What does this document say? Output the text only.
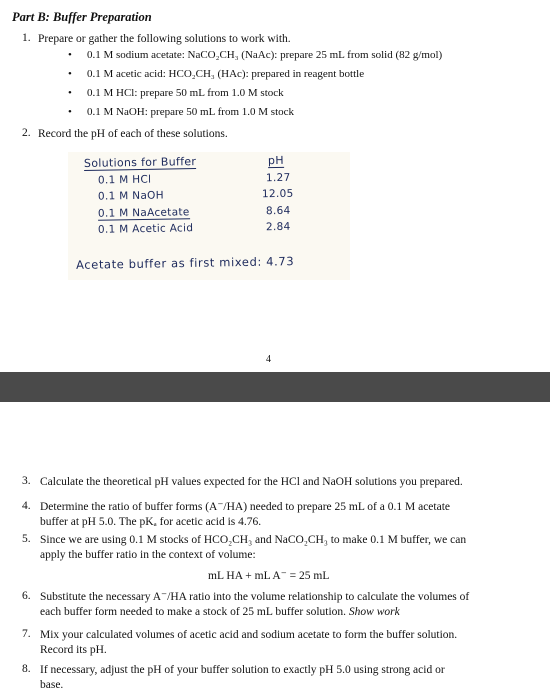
Part B: Buffer Preparation
1. Prepare or gather the following solutions to work with.
• 0.1 M sodium acetate: NaCO₂CH₃ (NaAc): prepare 25 mL from solid (82 g/mol)
• 0.1 M acetic acid: HCO₂CH₃ (HAc): prepared in reagent bottle
• 0.1 M HCl: prepare 50 mL from 1.0 M stock
• 0.1 M NaOH: prepare 50 mL from 1.0 M stock
2. Record the pH of each of these solutions.
Solutions for Buffer	pH
0.1 M HCl	1.27
0.1 M NaOH	12.05
0.1 M NaAcetate	8.64
0.1 M Acetic Acid	2.84
Acetate buffer as first mixed: 4.73
4
3. Calculate the theoretical pH values expected for the HCl and NaOH solutions you prepared.
4. Determine the ratio of buffer forms (A⁻/HA) needed to prepare 25 mL of a 0.1 M acetate
buffer at pH 5.0. The pKₐ for acetic acid is 4.76.
5. Since we are using 0.1 M stocks of HCO₂CH₃ and NaCO₂CH₃ to make 0.1 M buffer, we can
apply the buffer ratio in the context of volume:
mL HA + mL A⁻ = 25 mL
6. Substitute the necessary A⁻/HA ratio into the volume relationship to calculate the volumes of
each buffer form needed to make a stock of 25 mL buffer solution. Show work
7. Mix your calculated volumes of acetic acid and sodium acetate to form the buffer solution.
Record its pH.
8. If necessary, adjust the pH of your buffer solution to exactly pH 5.0 using strong acid or
base.
